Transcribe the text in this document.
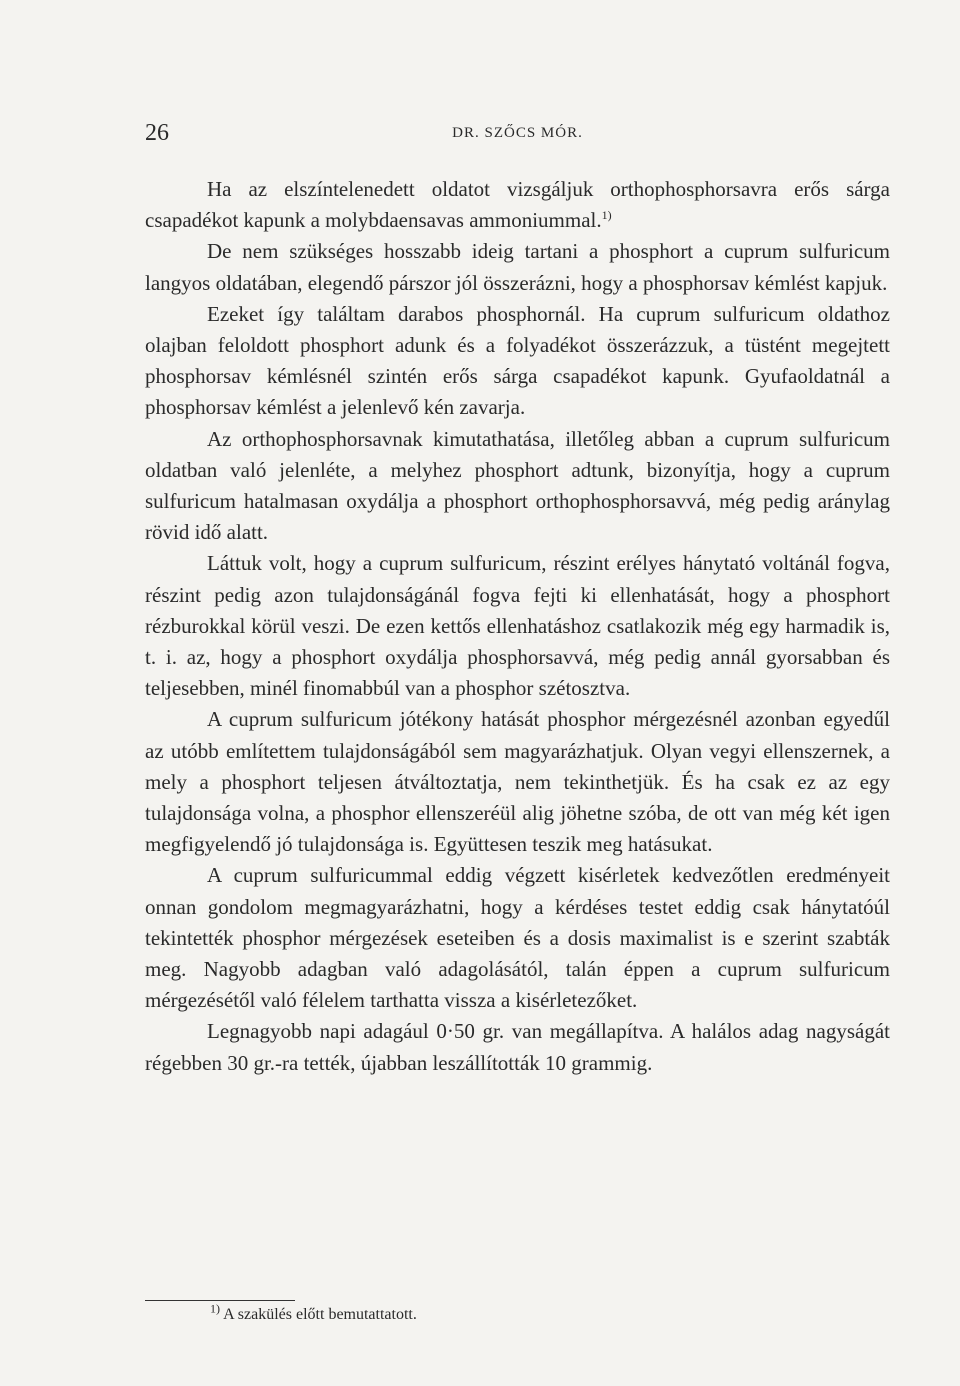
26	DR. SZŐCS MÓR.

Ha az elszíntelenedett oldatot vizsgáljuk orthophosphorsavra erős sárga csapadékot kapunk a molybdaensavas ammoniummal.$^{1)}$

De nem szükséges hosszabb ideig tartani a phosphort a cuprum sulfuricum langyos oldatában, elegendő párszor jól összerázni, hogy a phosphorsav kémlést kapjuk.

Ezeket így találtam darabos phosphornál. Ha cuprum sulfuricum oldathoz olajban feloldott phosphort adunk és a folyadékot összerázzuk, a tüstént megejtett phosphorsav kémlésnél szintén erős sárga csapadékot kapunk. Gyufaoldatnál a phosphorsav kémlést a jelenlevő kén zavarja.

Az orthophosphorsavnak kimutathatása, illetőleg abban a cuprum sulfuricum oldatban való jelenléte, a melyhez phosphort adtunk, bizonyítja, hogy a cuprum sulfuricum hatalmasan oxydálja a phosphort orthophosphorsavvá, még pedig aránylag rövid idő alatt.

Láttuk volt, hogy a cuprum sulfuricum, részint erélyes hánytató voltánál fogva, részint pedig azon tulajdonságánál fogva fejti ki ellenhatását, hogy a phosphort rézburokkal körül veszi. De ezen kettős ellenhatáshoz csatlakozik még egy harmadik is, t. i. az, hogy a phosphort oxydálja phosphorsavvá, még pedig annál gyorsabban és teljesebben, minél finomabbúl van a phosphor szétosztva.

A cuprum sulfuricum jótékony hatását phosphor mérgezésnél azonban egyedűl az utóbb említettem tulajdonságából sem magyarázhatjuk. Olyan vegyi ellenszernek, a mely a phosphort teljesen átváltoztatja, nem tekinthetjük. És ha csak ez az egy tulajdonsága volna, a phosphor ellenszeréül alig jöhetne szóba, de ott van még két igen megfigyelendő jó tulajdonsága is. Együttesen teszik meg hatásukat.

A cuprum sulfuricummal eddig végzett kisérletek kedvezőtlen eredményeit onnan gondolom megmagyarázhatni, hogy a kérdéses testet eddig csak hánytatóúl tekintették phosphor mérgezések eseteiben és a dosis maximalist is e szerint szabták meg. Nagyobb adagban való adagolásától, talán éppen a cuprum sulfuricum mérgezésétől való félelem tarthatta vissza a kisérletezőket.

Legnagyobb napi adagául 0·50 gr. van megállapítva. A halálos adag nagyságát régebben 30 gr.-ra tették, újabban leszállították 10 grammig.

$^{1)}$ A szakülés előtt bemutattatott.
